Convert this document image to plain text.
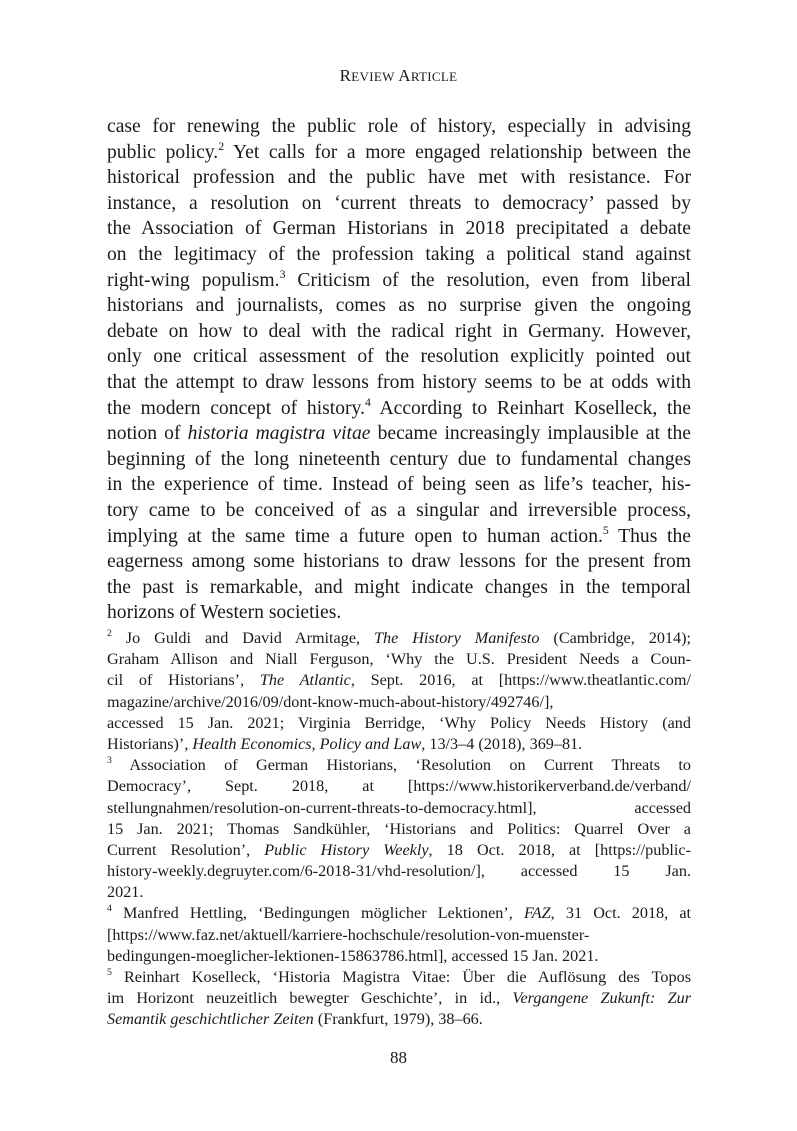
REVIEW ARTICLE
case for renewing the public role of history, especially in advising
public policy.$^2$ Yet calls for a more engaged relationship between the
historical profession and the public have met with resistance. For
instance, a resolution on ‘current threats to democracy’ passed by
the Association of German Historians in 2018 precipitated a debate
on the legitimacy of the profession taking a political stand against
right-wing populism.$^3$ Criticism of the resolution, even from liberal
historians and journalists, comes as no surprise given the ongoing
debate on how to deal with the radical right in Germany. However,
only one critical assessment of the resolution explicitly pointed out
that the attempt to draw lessons from history seems to be at odds with
the modern concept of history.$^4$ According to Reinhart Koselleck, the
notion of historia magistra vitae became increasingly implausible at the
beginning of the long nineteenth century due to fundamental changes
in the experience of time. Instead of being seen as life’s teacher, his-
tory came to be conceived of as a singular and irreversible process,
implying at the same time a future open to human action.$^5$ Thus the
eagerness among some historians to draw lessons for the present from
the past is remarkable, and might indicate changes in the temporal
horizons of Western societies.
$^2$ Jo Guldi and David Armitage, The History Manifesto (Cambridge, 2014);
Graham Allison and Niall Ferguson, ‘Why the U.S. President Needs a Coun-
cil of Historians’, The Atlantic, Sept. 2016, at [https://www.theatlantic.com/
magazine/archive/2016/09/dont-know-much-about-history/492746/],
accessed 15 Jan. 2021; Virginia Berridge, ‘Why Policy Needs History (and
Historians)’, Health Economics, Policy and Law, 13/3–4 (2018), 369–81.
$^3$ Association of German Historians, ‘Resolution on Current Threats to
Democracy’, Sept. 2018, at [https://www.historikerverband.de/verband/
stellungnahmen/resolution-on-current-threats-to-democracy.html], accessed
15 Jan. 2021; Thomas Sandkühler, ‘Historians and Politics: Quarrel Over a
Current Resolution’, Public History Weekly, 18 Oct. 2018, at [https://public-
history-weekly.degruyter.com/6-2018-31/vhd-resolution/], accessed 15 Jan.
2021.
$^4$ Manfred Hettling, ‘Bedingungen möglicher Lektionen’, FAZ, 31 Oct. 2018, at
[https://www.faz.net/aktuell/karriere-hochschule/resolution-von-muenster-
bedingungen-moeglicher-lektionen-15863786.html], accessed 15 Jan. 2021.
$^5$ Reinhart Koselleck, ‘Historia Magistra Vitae: Über die Auflösung des Topos
im Horizont neuzeitlich bewegter Geschichte’, in id., Vergangene Zukunft: Zur
Semantik geschichtlicher Zeiten (Frankfurt, 1979), 38–66.
88
